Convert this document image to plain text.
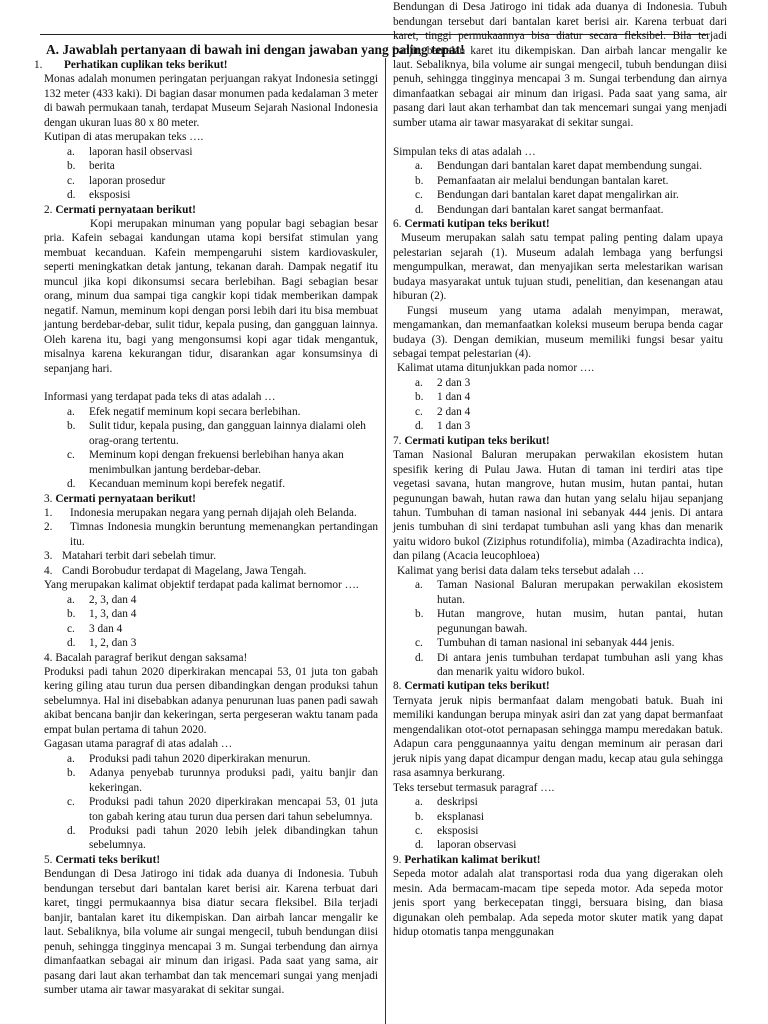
A. Jawablah pertanyaan di bawah ini dengan jawaban yang paling tepat!
1. Perhatikan cuplikan teks berikut!
Monas adalah monumen peringatan perjuangan rakyat Indonesia setinggi 132 meter (433 kaki). Di bagian dasar monumen pada kedalaman 3 meter di bawah permukaan tanah, terdapat Museum Sejarah Nasional Indonesia dengan ukuran luas 80 x 80 meter.
Kutipan di atas merupakan teks ….
a.	laporan hasil observasi
b.	berita
c.	laporan prosedur
d.	eksposisi
2. Cermati pernyataan berikut!
Kopi merupakan minuman yang popular bagi sebagian besar pria. Kafein sebagai kandungan utama kopi bersifat stimulan yang membuat kecanduan. Kafein mempengaruhi sistem kardiovaskuler, seperti meningkatkan detak jantung, tekanan darah. Dampak negatif itu muncul jika kopi dikonsumsi secara berlebihan. Bagi sebagian besar orang, minum dua sampai tiga cangkir kopi tidak memberikan dampak negatif. Namun, meminum kopi dengan porsi lebih dari itu bisa membuat jantung berdebar-debar, sulit tidur, kepala pusing, dan gangguan lainnya. Oleh karena itu, bagi yang mengonsumsi kopi agar tidak mengantuk, misalnya karena kekurangan tidur, disarankan agar konsumsinya di sepanjang hari.
Informasi yang terdapat pada teks di atas adalah …
a.	Efek negatif meminum kopi secara berlebihan.
b.	Sulit tidur, kepala pusing, dan gangguan lainnya dialami oleh orag-orang tertentu.
c.	Meminum kopi dengan frekuensi berlebihan hanya akan menimbulkan jantung berdebar-debar.
d.	Kecanduan meminum kopi berefek negatif.
3. Cermati pernyataan berikut!
1.	Indonesia merupakan negara yang pernah dijajah oleh Belanda.
2.	Timnas Indonesia mungkin beruntung memenangkan pertandingan itu.
3. Matahari terbit dari sebelah timur.
4. Candi Borobudur terdapat di Magelang, Jawa Tengah.
Yang merupakan kalimat objektif terdapat pada kalimat bernomor ….
a.	2, 3, dan 4
b.	1, 3, dan 4
c.	3 dan 4
d.	1, 2, dan 3
4. Bacalah paragraf berikut dengan saksama!
Produksi padi tahun 2020 diperkirakan mencapai 53, 01 juta ton gabah kering giling atau turun dua persen dibandingkan dengan produksi tahun sebelumnya. Hal ini disebabkan adanya penurunan luas panen padi sawah akibat bencana banjir dan kekeringan, serta pergeseran waktu tanam pada empat bulan pertama di tahun 2020.
Gagasan utama paragraf di atas adalah …
a.	Produksi padi tahun 2020 diperkirakan menurun.
b.	Adanya penyebab turunnya produksi padi, yaitu banjir dan kekeringan.
c.	Produksi padi tahun 2020 diperkirakan mencapai 53, 01 juta ton gabah kering atau turun dua persen dari tahun sebelumnya.
d.	Produksi padi tahun 2020 lebih jelek dibandingkan tahun sebelumnya.
5. Cermati teks berikut!
Bendungan di Desa Jatirogo ini tidak ada duanya di Indonesia. Tubuh bendungan tersebut dari bantalan karet berisi air. Karena terbuat dari karet, tinggi permukaannya bisa diatur secara fleksibel. Bila terjadi banjir, bantalan karet itu dikempiskan. Dan airbah lancar mengalir ke laut. Sebaliknya, bila volume air sungai mengecil, tubuh bendungan diisi penuh, sehingga tingginya mencapai 3 m. Sungai terbendung dan airnya dimanfaatkan sebagai air minum dan irigasi. Pada saat yang sama, air pasang dari laut akan terhambat dan tak mencemari sungai yang menjadi sumber utama air tawar masyarakat di sekitar sungai.
Bendungan di Desa Jatirogo ini tidak ada duanya di Indonesia. Tubuh bendungan tersebut dari bantalan karet berisi air. Karena terbuat dari karet, tinggi permukaannya bisa diatur secara fleksibel. Bila terjadi banjir, bantalan karet itu dikempiskan. Dan airbah lancar mengalir ke laut. Sebaliknya, bila volume air sungai mengecil, tubuh bendungan diisi penuh, sehingga tingginya mencapai 3 m. Sungai terbendung dan airnya dimanfaatkan sebagai air minum dan irigasi. Pada saat yang sama, air pasang dari laut akan terhambat dan tak mencemari sungai yang menjadi sumber utama air tawar masyarakat di sekitar sungai.
Simpulan teks di atas adalah …
a.	Bendungan dari bantalan karet dapat membendung sungai.
b.	Pemanfaatan air melalui bendungan bantalan karet.
c.	Bendungan dari bantalan karet dapat mengalirkan air.
d.	Bendungan dari bantalan karet sangat bermanfaat.
6. Cermati kutipan teks berikut!
Museum merupakan salah satu tempat paling penting dalam upaya pelestarian sejarah (1). Museum adalah lembaga yang berfungsi mengumpulkan, merawat, dan menyajikan serta melestarikan warisan budaya masyarakat untuk tujuan studi, penelitian, dan kesenangan atau hiburan (2).
Fungsi museum yang utama adalah menyimpan, merawat, mengamankan, dan memanfaatkan koleksi museum berupa benda cagar budaya (3). Dengan demikian, museum memiliki fungsi besar yaitu sebagai tempat pelestarian (4).
Kalimat utama ditunjukkan pada nomor ….
a.	2 dan 3
b.	1 dan 4
c.	2 dan 4
d.	1 dan 3
7. Cermati kutipan teks berikut!
Taman Nasional Baluran merupakan perwakilan ekosistem hutan spesifik kering di Pulau Jawa. Hutan di taman ini terdiri atas tipe vegetasi savana, hutan mangrove, hutan musim, hutan pantai, hutan pegunungan bawah, hutan rawa dan hutan yang selalu hijau sepanjang tahun. Tumbuhan di taman nasional ini sebanyak 444 jenis. Di antara jenis tumbuhan di sini terdapat tumbuhan asli yang khas dan menarik yaitu widoro bukol (Ziziphus rotundifolia), mimba (Azadirachta indica), dan pilang (Acacia leucophloea)
Kalimat yang berisi data dalam teks tersebut adalah …
a.	Taman Nasional Baluran merupakan perwakilan ekosistem hutan.
b.	Hutan mangrove, hutan musim, hutan pantai, hutan pegunungan bawah.
c.	Tumbuhan di taman nasional ini sebanyak 444 jenis.
d.	Di antara jenis tumbuhan terdapat tumbuhan asli yang khas dan menarik yaitu widoro bukol.
8. Cermati kutipan teks berikut!
Ternyata jeruk nipis bermanfaat dalam mengobati batuk. Buah ini memiliki kandungan berupa minyak asiri dan zat yang dapat bermanfaat mengendalikan otot-otot pernapasan sehingga mampu meredakan batuk. Adapun cara penggunaannya yaitu dengan meminum air perasan dari jeruk nipis yang dapat dicampur dengan madu, kecap atau gula sehingga rasa asamnya berkurang.
Teks tersebut termasuk paragraf ….
a.	deskripsi
b.	eksplanasi
c.	eksposisi
d.	laporan observasi
9. Perhatikan kalimat berikut!
Sepeda motor adalah alat transportasi roda dua yang digerakan oleh mesin. Ada bermacam-macam tipe sepeda motor. Ada sepeda motor jenis sport yang berkecepatan tinggi, bersuara bising, dan biasa digunakan oleh pembalap. Ada sepeda motor skuter matik yang dapat hidup otomatis tanpa menggunakan
